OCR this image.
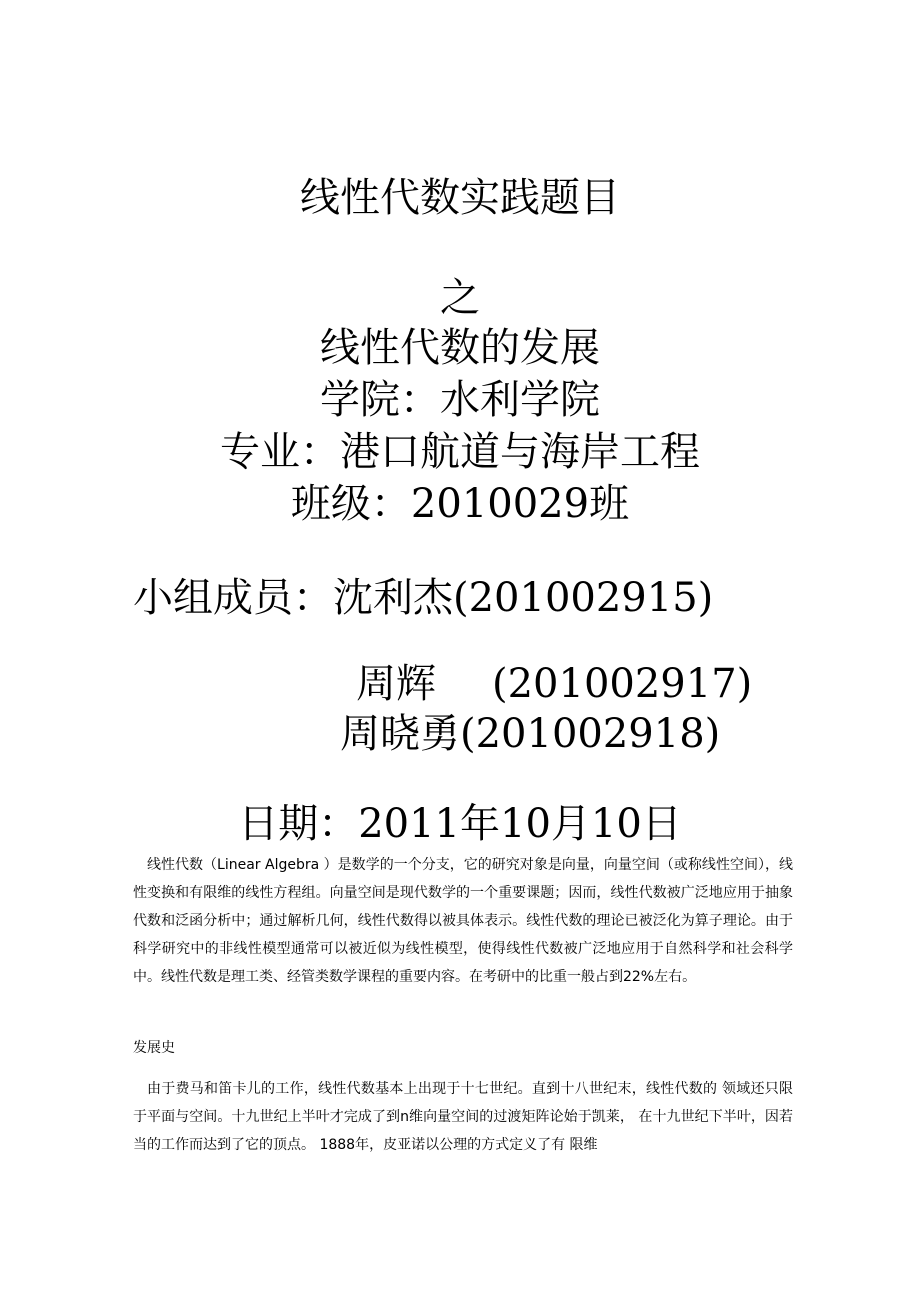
线性代数实践题目
之
线性代数的发展
学院：水利学院
专业：港口航道与海岸工程
班级：2010029班
小组成员：沈利杰(201002915)
周辉 (201002917)
周晓勇(201002918)
日期：2011年10月10日
线性代数（Linear Algebra ）是数学的一个分支，它的研究对象是向量，向量空间（或称线性空间），线性变换和有限维的线性方程组。向量空间是现代数学的一个重要课题；因而，线性代数被广泛地应用于抽象代数和泛函分析中；通过解析几何，线性代数得以被具体表示。线性代数的理论已被泛化为算子理论。由于科学研究中的非线性模型通常可以被近似为线性模型，使得线性代数被广泛地应用于自然科学和社会科学中。线性代数是理工类、经管类数学课程的重要内容。在考研中的比重一般占到22%左右。
发展史
由于费马和笛卡儿的工作，线性代数基本上出现于十七世纪。直到十八世纪末，线性代数的 领域还只限于平面与空间。十九世纪上半叶才完成了到n维向量空间的过渡矩阵论始于凯莱， 在十九世纪下半叶，因若当的工作而达到了它的顶点。 1888年，皮亚诺以公理的方式定义了有 限维
